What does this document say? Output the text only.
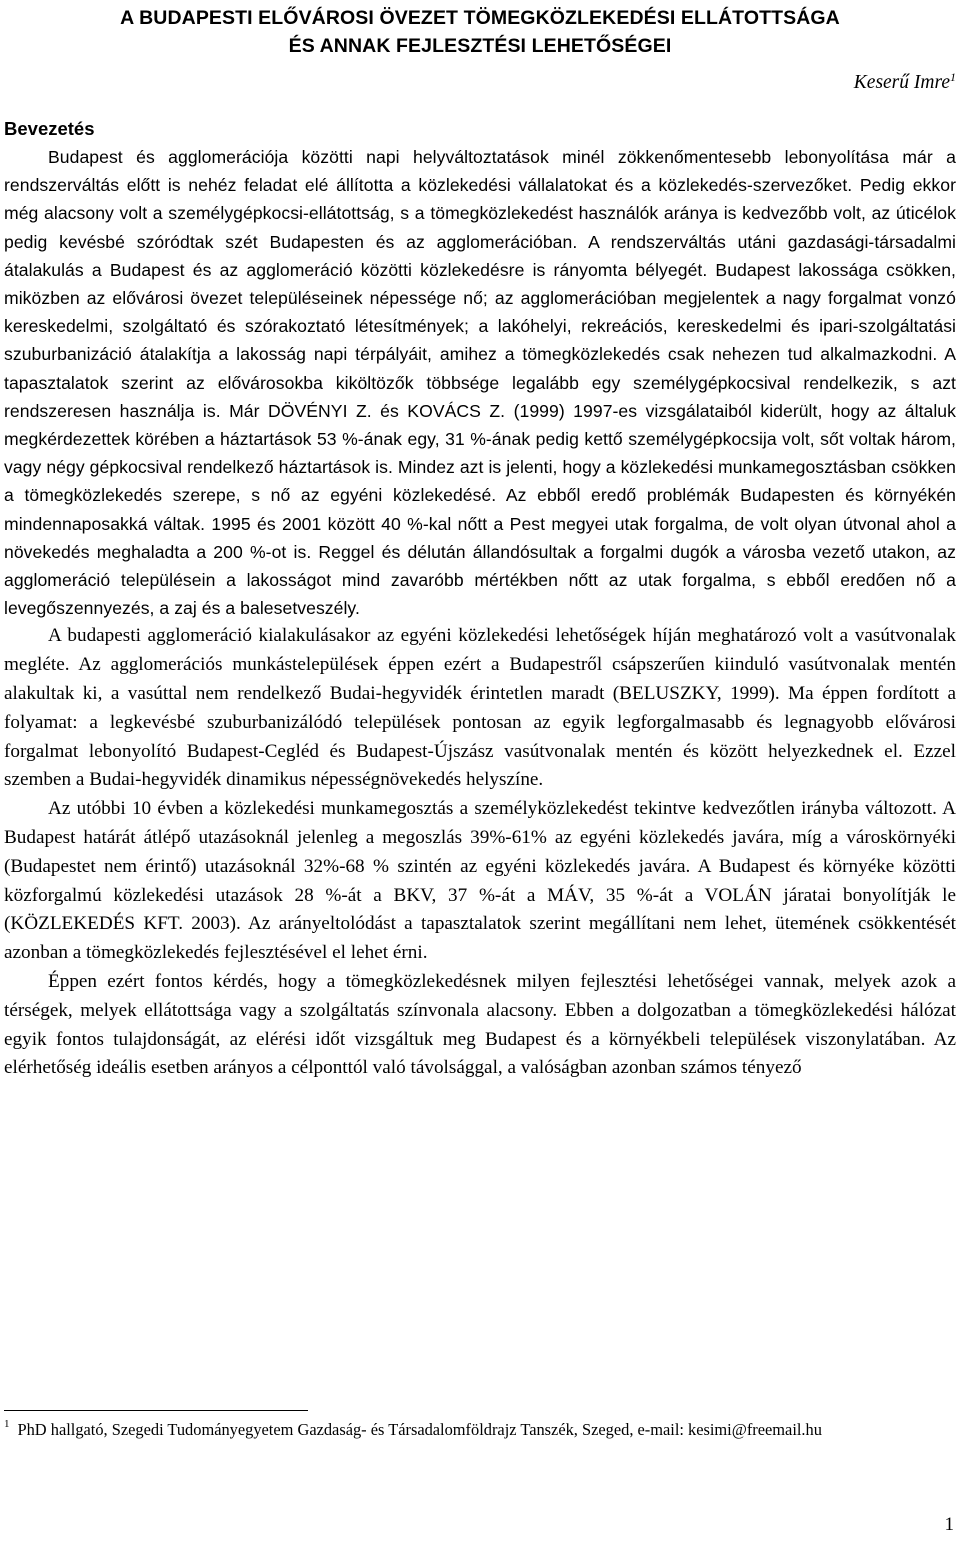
A BUDAPESTI ELŐVÁROSI ÖVEZET TÖMEGKÖZLEKEDÉSI ELLÁTOTTSÁGA
ÉS ANNAK FEJLESZTÉSI LEHETŐSÉGEI
Keserű Imre$^1$
Bevezetés

Budapest és agglomerációja közötti napi helyváltoztatások minél zökkenőmentesebb lebonyolítása már a rendszerváltás előtt is nehéz feladat elé állította a közlekedési vállalatokat és a közlekedés-szervezőket. Pedig ekkor még alacsony volt a személygépkocsi-ellátottság, s a tömegközlekedést használók aránya is kedvezőbb volt, az úticélok pedig kevésbé szóródtak szét Budapesten és az agglomerációban. A rendszerváltás utáni gazdasági-társadalmi átalakulás a Budapest és az agglomeráció közötti közlekedésre is rányomta bélyegét. Budapest lakossága csökken, miközben az elővárosi övezet településeinek népessége nő; az agglomerációban megjelentek a nagy forgalmat vonzó kereskedelmi, szolgáltató és szórakoztató létesítmények; a lakóhelyi, rekreációs, kereskedelmi és ipari-szolgáltatási szuburbanizáció átalakítja a lakosság napi térpályáit, amihez a tömegközlekedés csak nehezen tud alkalmazkodni. A tapasztalatok szerint az elővárosokba kiköltözők többsége legalább egy személygépkocsival rendelkezik, s azt rendszeresen használja is. Már DÖVÉNYI Z. és KOVÁCS Z. (1999) 1997-es vizsgálataiból kiderült, hogy az általuk megkérdezettek körében a háztartások 53 %-ának egy, 31 %-ának pedig kettő személygépkocsija volt, sőt voltak három, vagy négy gépkocsival rendelkező háztartások is. Mindez azt is jelenti, hogy a közlekedési munkamegosztásban csökken a tömegközlekedés szerepe, s nő az egyéni közlekedésé. Az ebből eredő problémák Budapesten és környékén mindennaposakká váltak. 1995 és 2001 között 40 %-kal nőtt a Pest megyei utak forgalma, de volt olyan útvonal ahol a növekedés meghaladta a 200 %-ot is. Reggel és délután állandósultak a forgalmi dugók a városba vezető utakon, az agglomeráció településein a lakosságot mind zavaróbb mértékben nőtt az utak forgalma, s ebből eredően nő a levegőszennyezés, a zaj és a balesetveszély.

A budapesti agglomeráció kialakulásakor az egyéni közlekedési lehetőségek híján meghatározó volt a vasútvonalak megléte. Az agglomerációs munkástelepülések éppen ezért a Budapestről csápszerűen kiinduló vasútvonalak mentén alakultak ki, a vasúttal nem rendelkező Budai-hegyvidék érintetlen maradt (BELUSZKY, 1999). Ma éppen fordított a folyamat: a legkevésbé szuburbanizálódó települések pontosan az egyik legforgalmasabb és legnagyobb elővárosi forgalmat lebonyolító Budapest-Cegléd és Budapest-Újszász vasútvonalak mentén és között helyezkednek el. Ezzel szemben a Budai-hegyvidék dinamikus népességnövekedés helyszíne.

Az utóbbi 10 évben a közlekedési munkamegosztás a személyközlekedést tekintve kedvezőtlen irányba változott. A Budapest határát átlépő utazásoknál jelenleg a megoszlás 39%-61% az egyéni közlekedés javára, míg a városkörnyéki (Budapestet nem érintő) utazásoknál 32%-68 % szintén az egyéni közlekedés javára. A Budapest és környéke közötti közforgalmú közlekedési utazások 28 %-át a BKV, 37 %-át a MÁV, 35 %-át a VOLÁN járatai bonyolítják le (KÖZLEKEDÉS KFT. 2003). Az arányeltolódást a tapasztalatok szerint megállítani nem lehet, ütemének csökkentését azonban a tömegközlekedés fejlesztésével el lehet érni.

Éppen ezért fontos kérdés, hogy a tömegközlekedésnek milyen fejlesztési lehetőségei vannak, melyek azok a térségek, melyek ellátottsága vagy a szolgáltatás színvonala alacsony. Ebben a dolgozatban a tömegközlekedési hálózat egyik fontos tulajdonságát, az elérési időt vizsgáltuk meg Budapest és a környékbeli települések viszonylatában. Az elérhetőség ideális esetben arányos a célponttól való távolsággal, a valóságban azonban számos tényező

$^1$ PhD hallgató, Szegedi Tudományegyetem Gazdaság- és Társadalomföldrajz Tanszék, Szeged, e-mail: kesimi@freemail.hu
1
